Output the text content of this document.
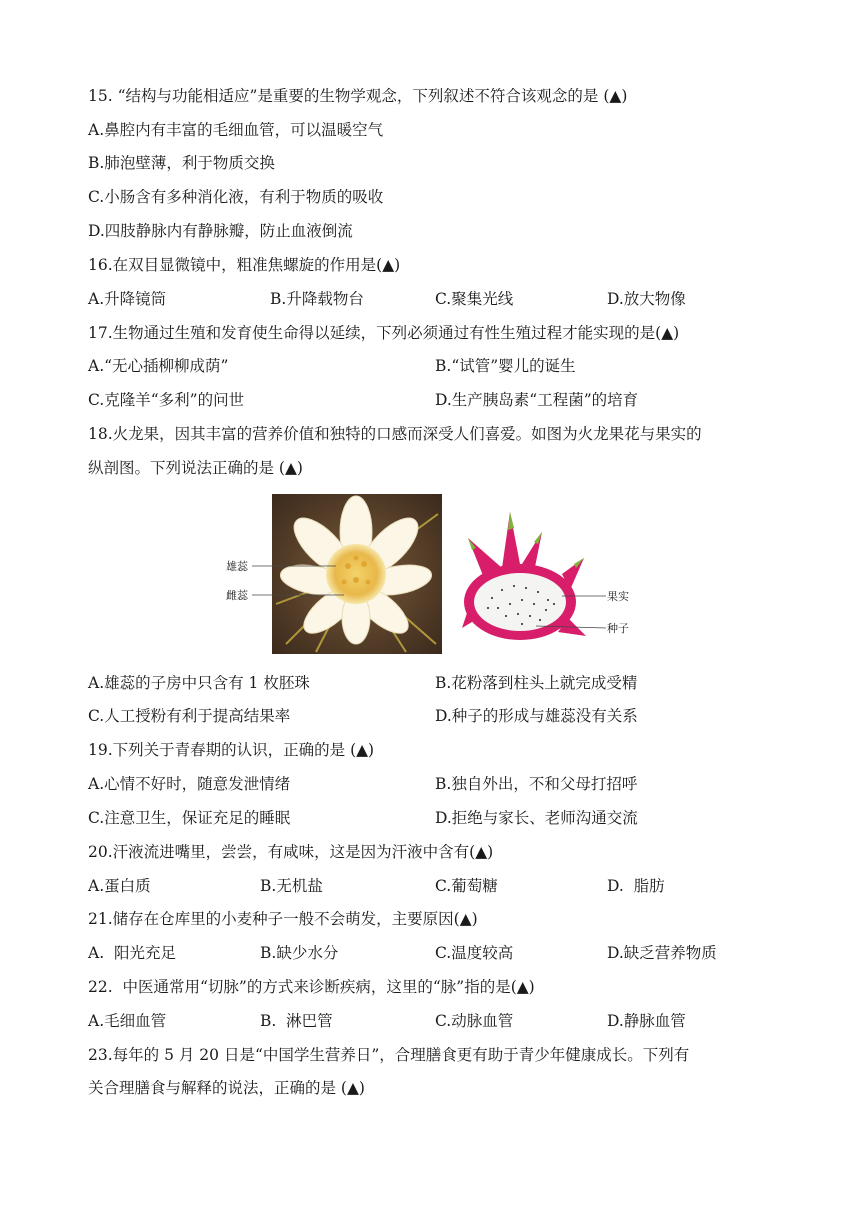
15. “结构与功能相适应”是重要的生物学观念，下列叙述不符合该观念的是 (▲)
A.鼻腔内有丰富的毛细血管，可以温暖空气
B.肺泡壁薄，利于物质交换
C.小肠含有多种消化液，有利于物质的吸收
D.四肢静脉内有静脉瓣，防止血液倒流
16.在双目显微镜中，粗准焦螺旋的作用是(▲)
A.升降镜筒	B.升降载物台	C.聚集光线	D.放大物像
17.生物通过生殖和发育使生命得以延续，下列必须通过有性生殖过程才能实现的是(▲)
A.“无心插柳柳成荫”	B.“试管”婴儿的诞生
C.克隆羊“多利”的问世	D.生产胰岛素“工程菌”的培育
18.火龙果，因其丰富的营养价值和独特的口感而深受人们喜爱。如图为火龙果花与果实的
纵剖图。下列说法正确的是 (▲)
雄蕊
雌蕊	果实
种子
A.雄蕊的子房中只含有 1 枚胚珠	B.花粉落到柱头上就完成受精
C.人工授粉有利于提高结果率	D.种子的形成与雄蕊没有关系
19.下列关于青春期的认识，正确的是 (▲)
A.心情不好时，随意发泄情绪	B.独自外出，不和父母打招呼
C.注意卫生，保证充足的睡眠	D.拒绝与家长、老师沟通交流
20.汗液流进嘴里，尝尝，有咸味，这是因为汗液中含有(▲)
A.蛋白质	B.无机盐	C.葡萄糖	D.  脂肪
21.储存在仓库里的小麦种子一般不会萌发，主要原因(▲)
A.  阳光充足	B.缺少水分	C.温度较高	D.缺乏营养物质
22.  中医通常用“切脉”的方式来诊断疾病，这里的“脉”指的是(▲)
A.毛细血管	B.  淋巴管	C.动脉血管	D.静脉血管
23.每年的 5 月 20 日是“中国学生营养日”，合理膳食更有助于青少年健康成长。下列有
关合理膳食与解释的说法，正确的是 (▲)
